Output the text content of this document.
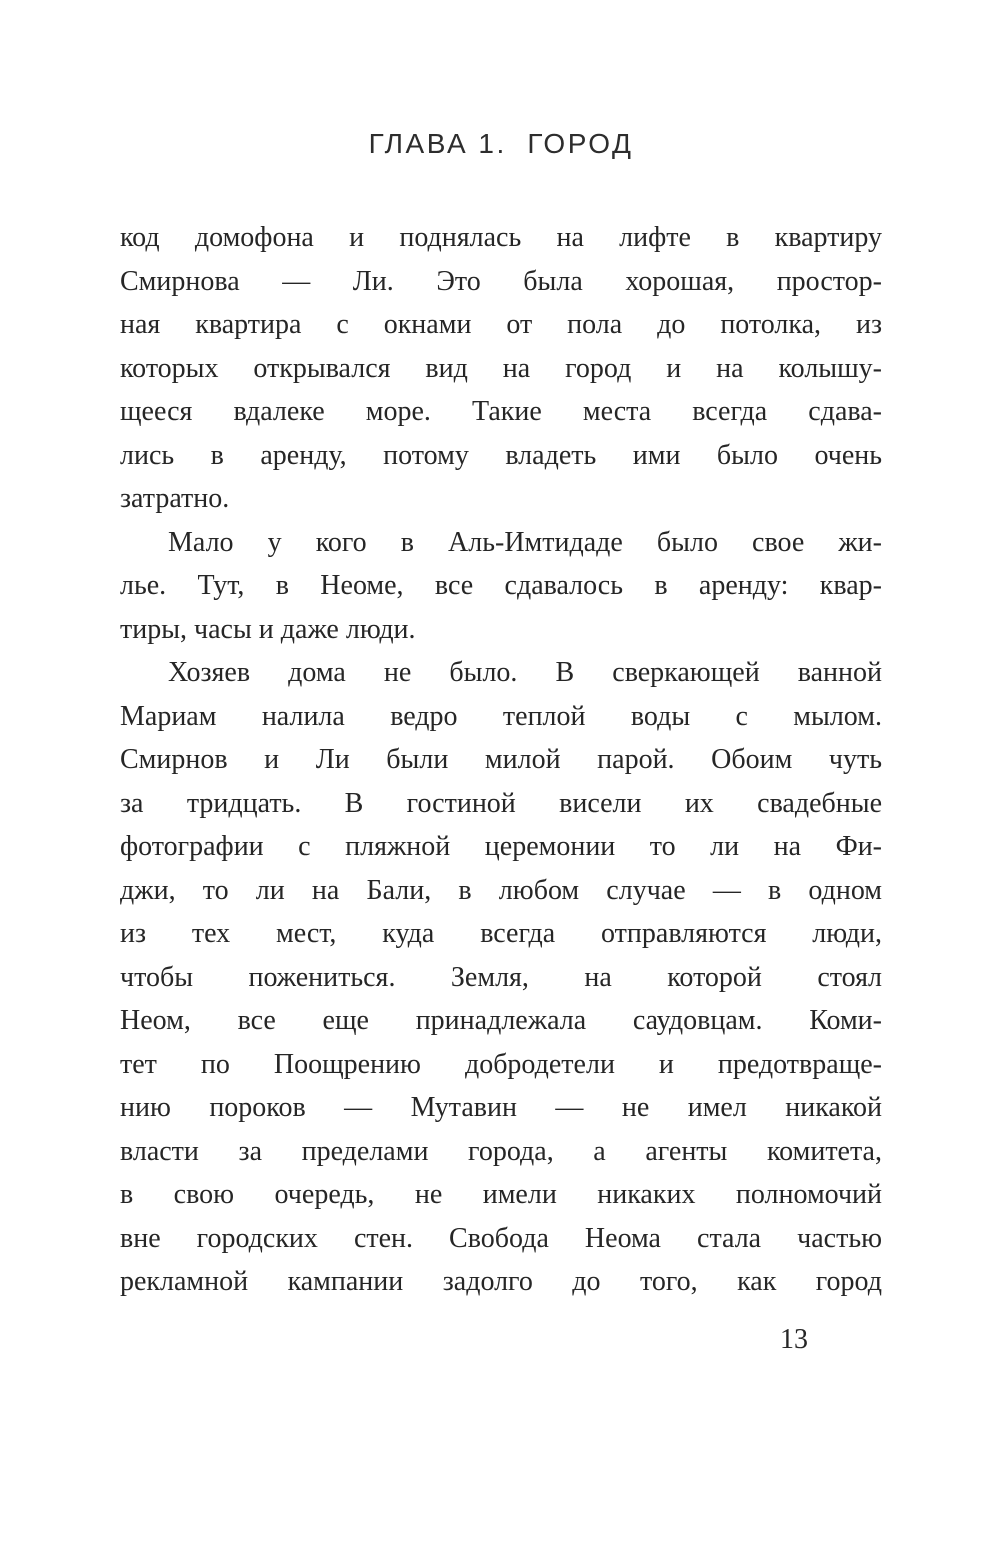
ГЛАВА 1.  ГОРОД
код домофона и поднялась на лифте в квартиру
Смирнова — Ли. Это была хорошая, простор-
ная квартира с окнами от пола до потолка, из
которых открывался вид на город и на колышу-
щееся вдалеке море. Такие места всегда сдава-
лись в аренду, потому владеть ими было очень
затратно.
Мало у кого в Аль-Имтидаде было свое жи-
лье. Тут, в Неоме, все сдавалось в аренду: квар-
тиры, часы и даже люди.
Хозяев дома не было. В сверкающей ванной
Мариам налила ведро теплой воды с мылом.
Смирнов и Ли были милой парой. Обоим чуть
за тридцать. В гостиной висели их свадебные
фотографии с пляжной церемонии то ли на Фи-
джи, то ли на Бали, в любом случае — в одном
из тех мест, куда всегда отправляются люди,
чтобы пожениться. Земля, на которой стоял
Неом, все еще принадлежала саудовцам. Коми-
тет по Поощрению добродетели и предотвраще-
нию пороков — Мутавин — не имел никакой
власти за пределами города, а агенты комитета,
в свою очередь, не имели никаких полномочий
вне городских стен. Свобода Неома стала частью
рекламной кампании задолго до того, как город
13
